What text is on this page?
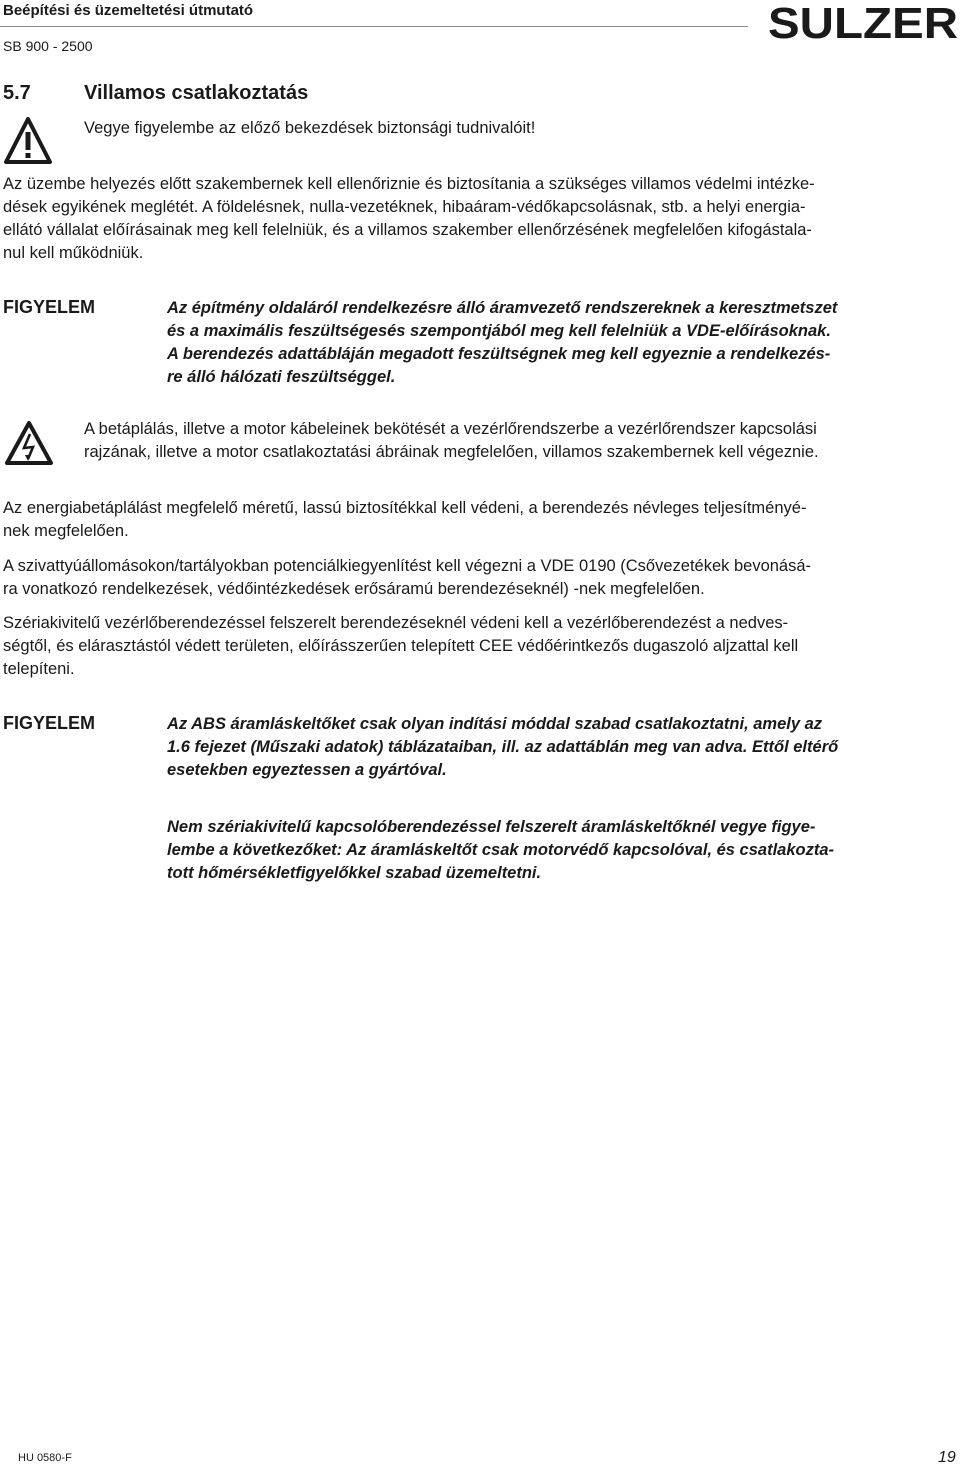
Beépítési és üzemeltetési útmutató
SB 900 - 2500	SULZER
5.7	Villamos csatlakoztatás
Vegye figyelembe az előző bekezdések biztonsági tudnivalóit!
Az üzembe helyezés előtt szakembernek kell ellenőriznie és biztosítania a szükséges villamos védelmi intézke-
dések egyikének meglétét. A földelésnek, nulla-vezetéknek, hibaáram-védőkapcsolásnak, stb. a helyi energia-
ellátó vállalat előírásainak meg kell felelniük, és a villamos szakember ellenőrzésének megfelelően kifogástala-
nul kell működniük.
FIGYELEM	Az építmény oldaláról rendelkezésre álló áramvezető rendszereknek a keresztmetszet
és a maximális feszültségesés szempontjából meg kell felelniük a VDE-előírásoknak.
A berendezés adattábláján megadott feszültségnek meg kell egyeznie a rendelkezés-
re álló hálózati feszültséggel.
A betáplálás, illetve a motor kábeleinek bekötését a vezérlőrendszerbe a vezérlőrendszer kapcsolási
rajzának, illetve a motor csatlakoztatási ábráinak megfelelően, villamos szakembernek kell végeznie.
Az energiabetáplálást megfelelő méretű, lassú biztosítékkal kell védeni, a berendezés névleges teljesítményé-
nek megfelelően.
A szivattyúállomásokon/tartályokban potenciálkiegyenlítést kell végezni a VDE 0190 (Csővezetékek bevonásá-
ra vonatkozó rendelkezések, védőintézkedések erősáramú berendezéseknél) -nek megfelelően.
Szériakivitelű vezérlőberendezéssel felszerelt berendezéseknél védeni kell a vezérlőberendezést a nedves-
ségtől, és elárasztástól védett területen, előírásszerűen telepített CEE védőérintkezős dugaszoló aljzattal kell
telepíteni.
FIGYELEM	Az ABS áramláskeltőket csak olyan indítási móddal szabad csatlakoztatni, amely az
1.6 fejezet (Műszaki adatok) táblázataiban, ill. az adattáblán meg van adva. Ettől eltérő
esetekben egyeztessen a gyártóval.
Nem szériakivitelű kapcsolóberendezéssel felszerelt áramláskeltőknél vegye figye-
lembe a következőket: Az áramláskeltőt csak motorvédő kapcsolóval, és csatlakozta-
tott hőmérsékletfigyelőkkel szabad üzemeltetni.
HU 0580-F	19
